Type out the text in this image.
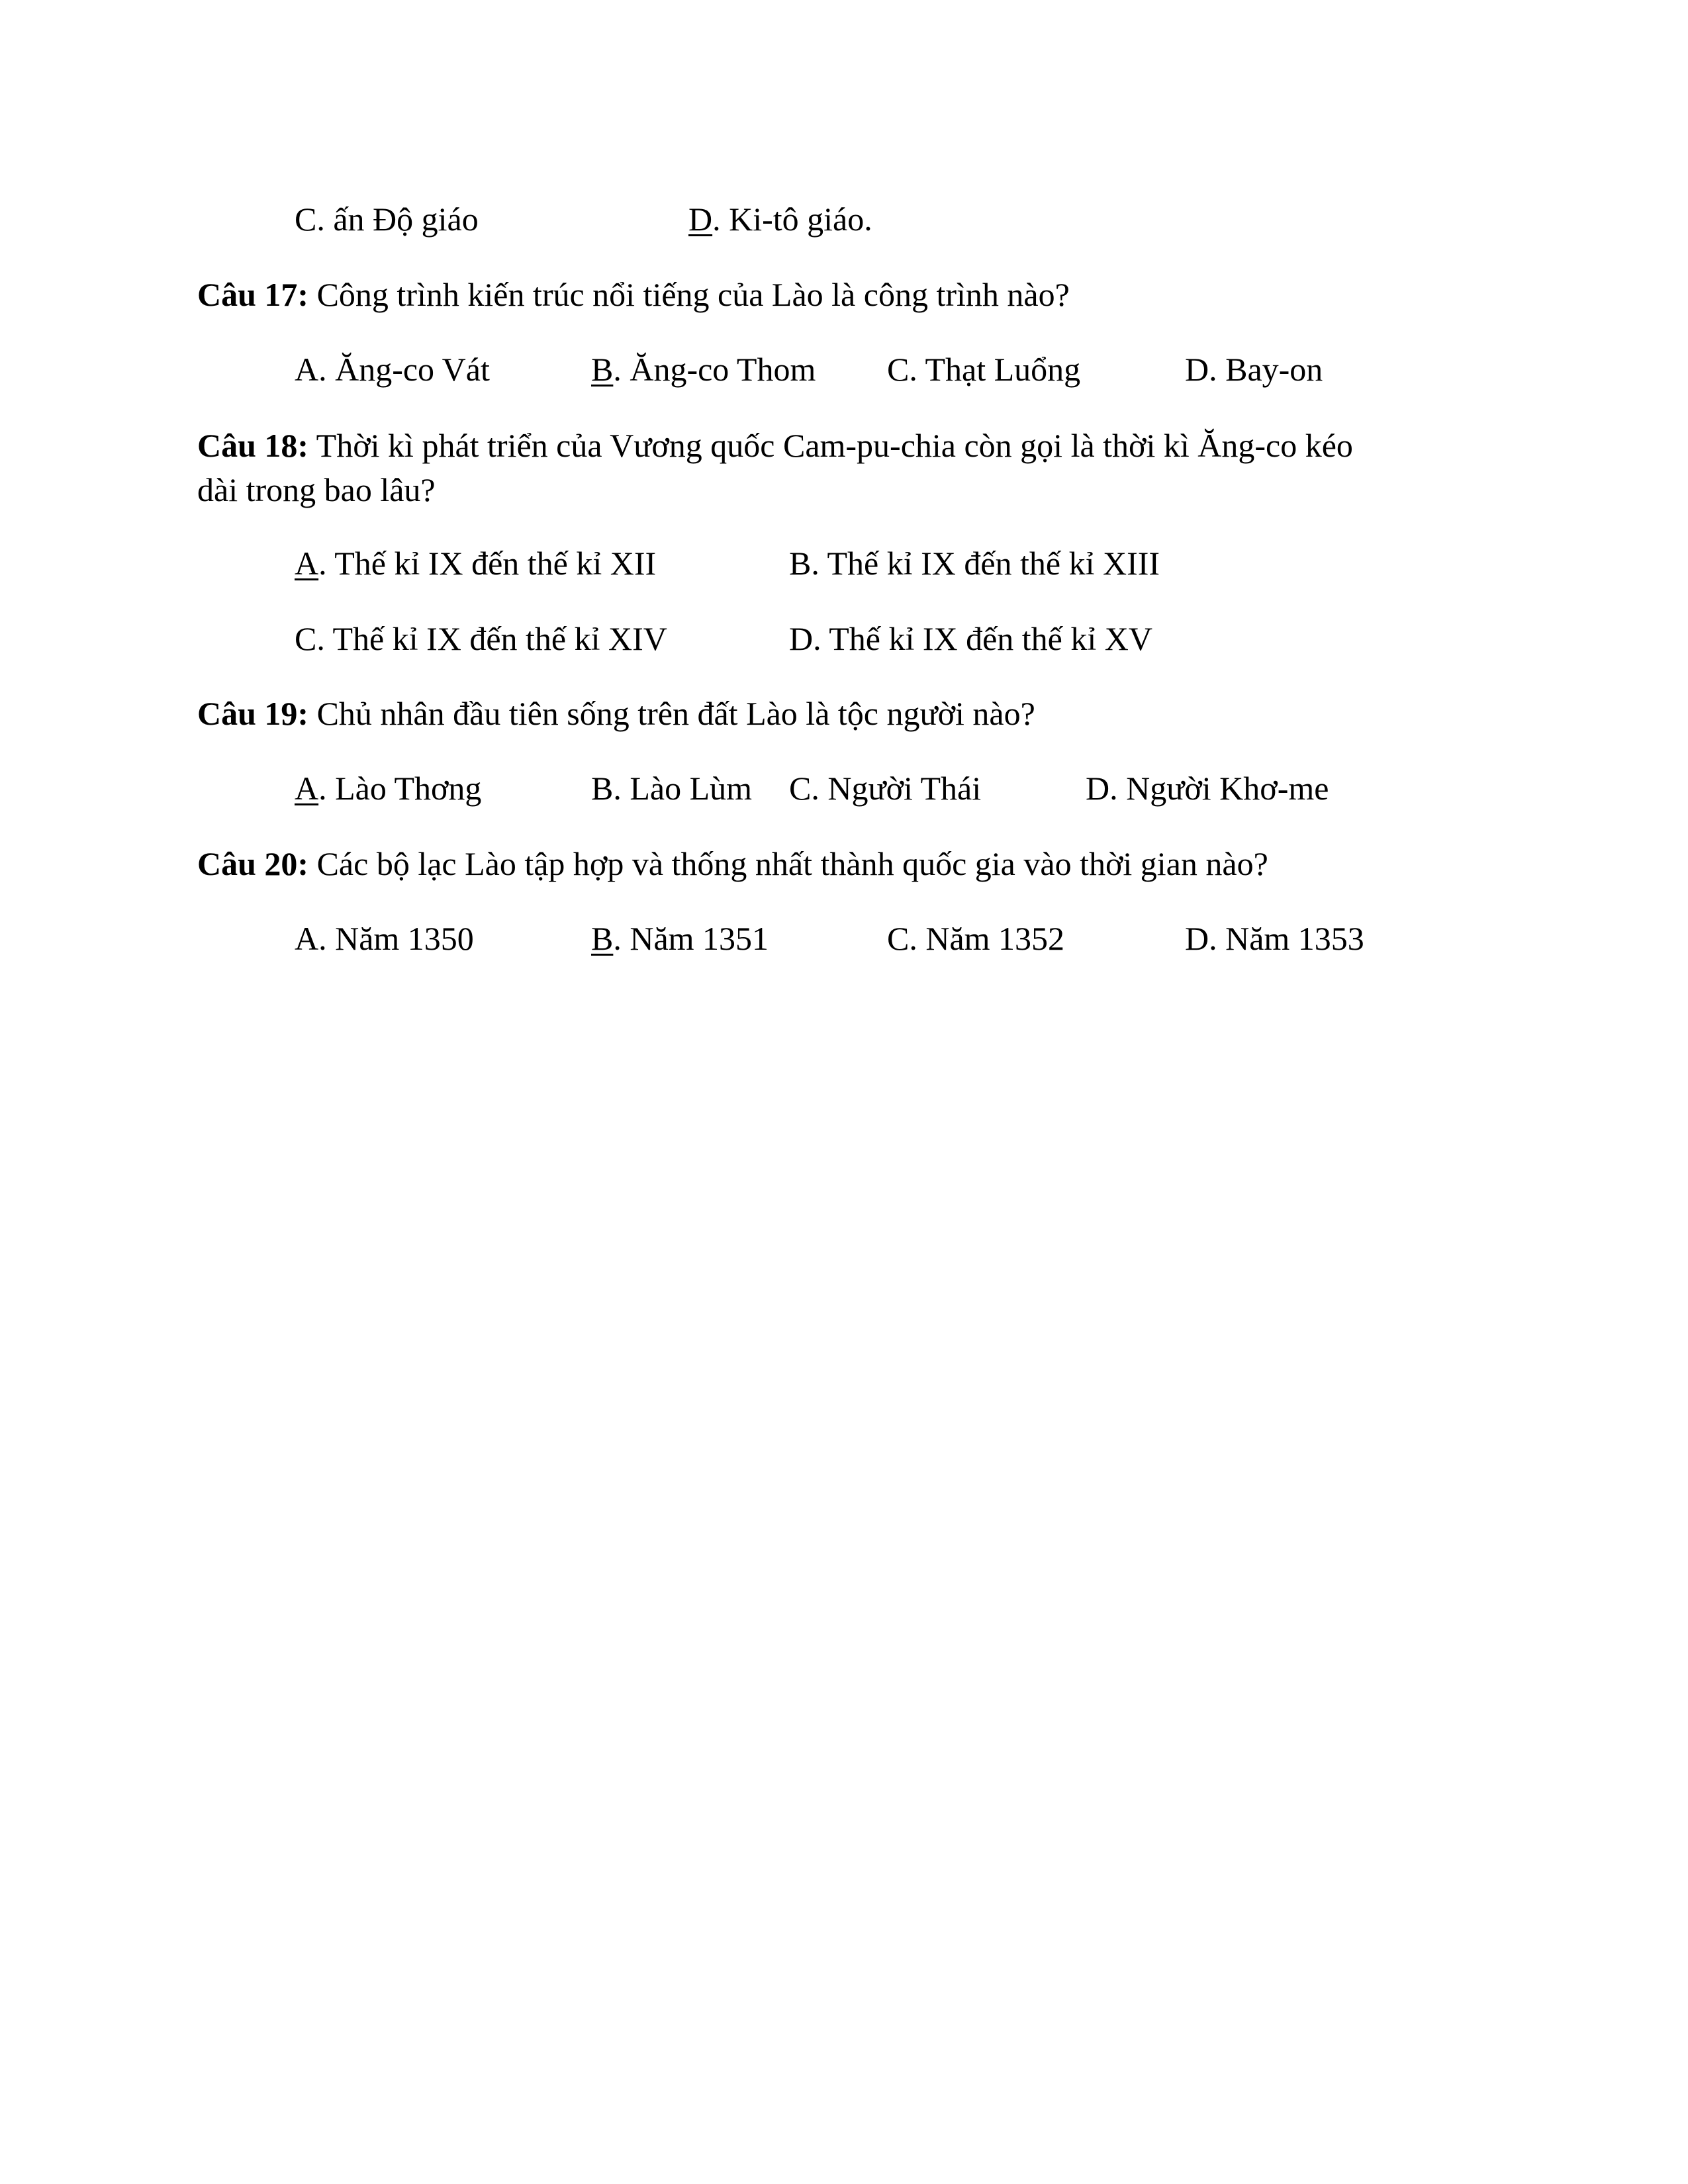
C. ấn Độ giáo	D. Ki-tô giáo.
Câu 17: Công trình kiến trúc nổi tiếng của Lào là công trình nào?
A. Ăng-co Vát	B. Ăng-co Thom C. Thạt Luổng	D. Bay-on
Câu 18: Thời kì phát triển của Vương quốc Cam-pu-chia còn gọi là thời kì Ăng-co kéo
dài trong bao lâu?
A. Thế kỉ IX đến thế kỉ XII	B. Thế kỉ IX đến thế kỉ XIII
C. Thế kỉ IX đến thế kỉ XIV	D. Thế kỉ IX đến thế kỉ XV
Câu 19: Chủ nhân đầu tiên sống trên đất Lào là tộc người nào?
A. Lào Thơng	B. Lào Lùm C. Người Thái	D. Người Khơ-me
Câu 20: Các bộ lạc Lào tập hợp và thống nhất thành quốc gia vào thời gian nào?
A. Năm 1350	B. Năm 1351	C. Năm 1352	D. Năm 1353
